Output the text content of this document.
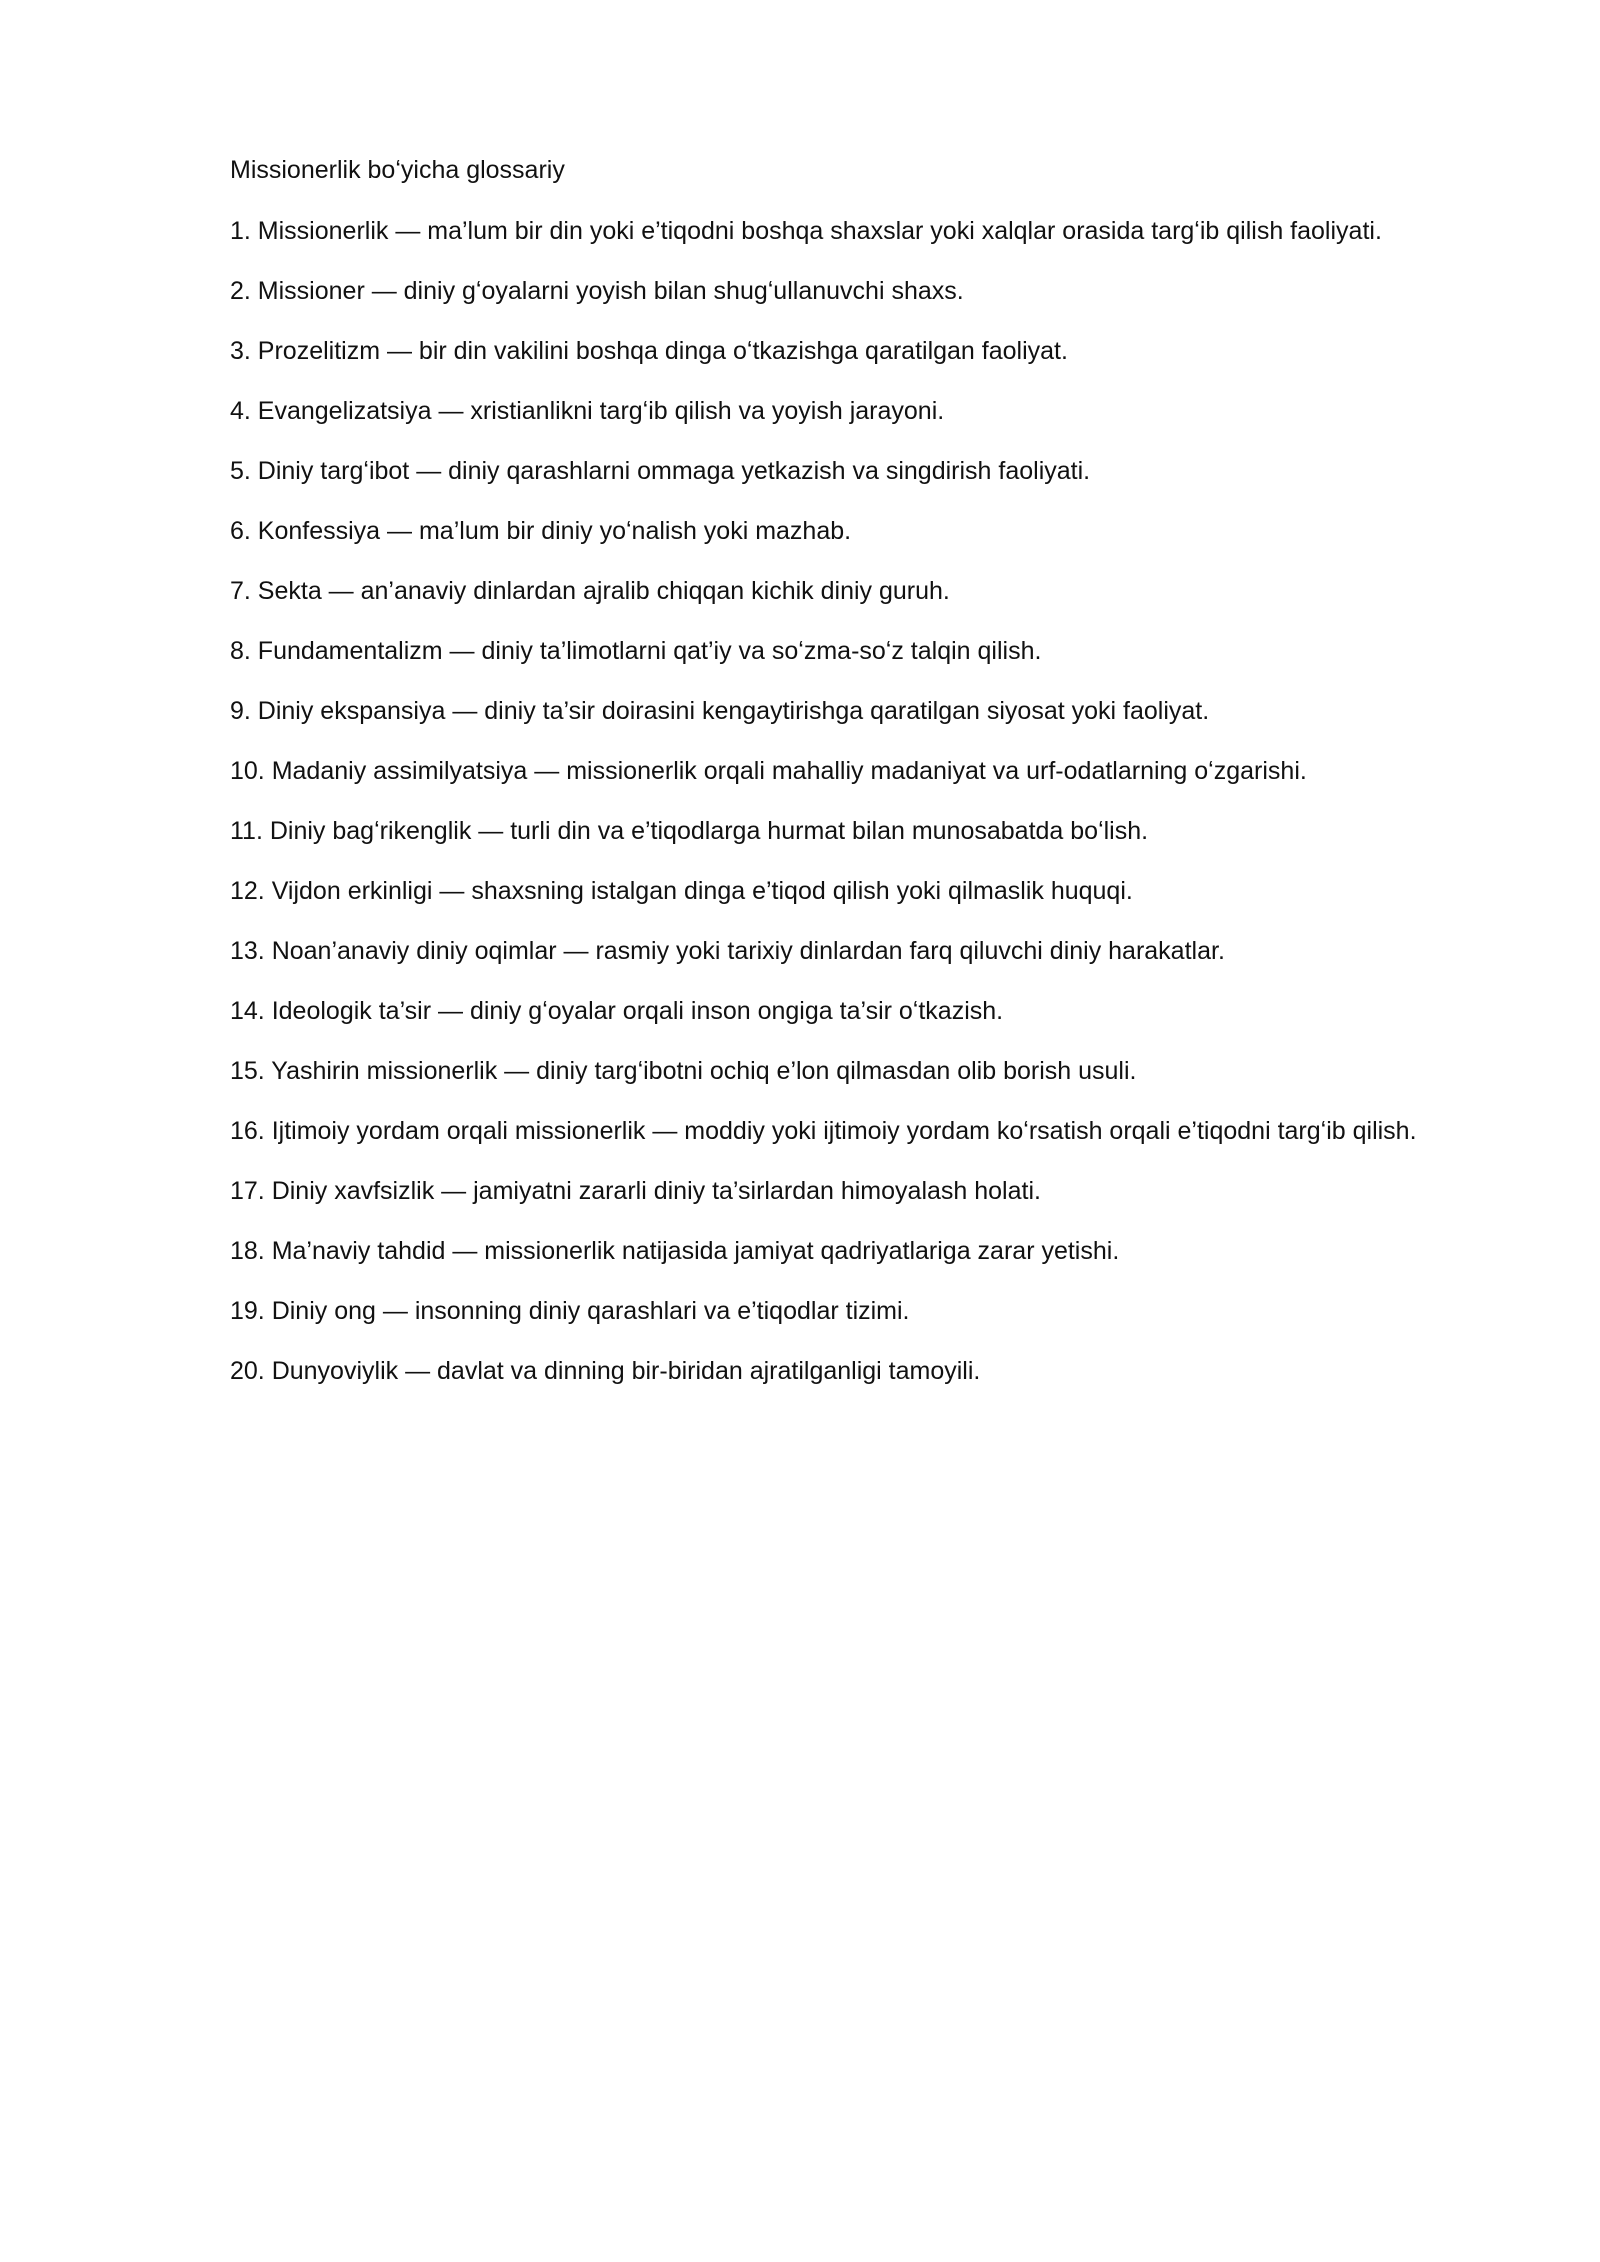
Missionerlik boʻyicha glossariy

1. Missionerlik — ma’lum bir din yoki e’tiqodni boshqa shaxslar yoki xalqlar orasida targʻib qilish faoliyati.

2. Missioner — diniy gʻoyalarni yoyish bilan shugʻullanuvchi shaxs.

3. Prozelitizm — bir din vakilini boshqa dinga oʻtkazishga qaratilgan faoliyat.

4. Evangelizatsiya — xristianlikni targʻib qilish va yoyish jarayoni.

5. Diniy targʻibot — diniy qarashlarni ommaga yetkazish va singdirish faoliyati.

6. Konfessiya — ma’lum bir diniy yoʻnalish yoki mazhab.

7. Sekta — an’anaviy dinlardan ajralib chiqqan kichik diniy guruh.

8. Fundamentalizm — diniy ta’limotlarni qat’iy va soʻzma-soʻz talqin qilish.

9. Diniy ekspansiya — diniy ta’sir doirasini kengaytirishga qaratilgan siyosat yoki faoliyat.

10. Madaniy assimilyatsiya — missionerlik orqali mahalliy madaniyat va urf-odatlarning oʻzgarishi.

11. Diniy bagʻrikenglik — turli din va e’tiqodlarga hurmat bilan munosabatda boʻlish.

12. Vijdon erkinligi — shaxsning istalgan dinga e’tiqod qilish yoki qilmaslik huquqi.

13. Noan’anaviy diniy oqimlar — rasmiy yoki tarixiy dinlardan farq qiluvchi diniy harakatlar.

14. Ideologik ta’sir — diniy gʻoyalar orqali inson ongiga ta’sir oʻtkazish.

15. Yashirin missionerlik — diniy targʻibotni ochiq e’lon qilmasdan olib borish usuli.

16. Ijtimoiy yordam orqali missionerlik — moddiy yoki ijtimoiy yordam koʻrsatish orqali e’tiqodni targʻib qilish.

17. Diniy xavfsizlik — jamiyatni zararli diniy ta’sirlardan himoyalash holati.

18. Ma’naviy tahdid — missionerlik natijasida jamiyat qadriyatlariga zarar yetishi.

19. Diniy ong — insonning diniy qarashlari va e’tiqodlar tizimi.

20. Dunyoviylik — davlat va dinning bir-biridan ajratilganligi tamoyili.
